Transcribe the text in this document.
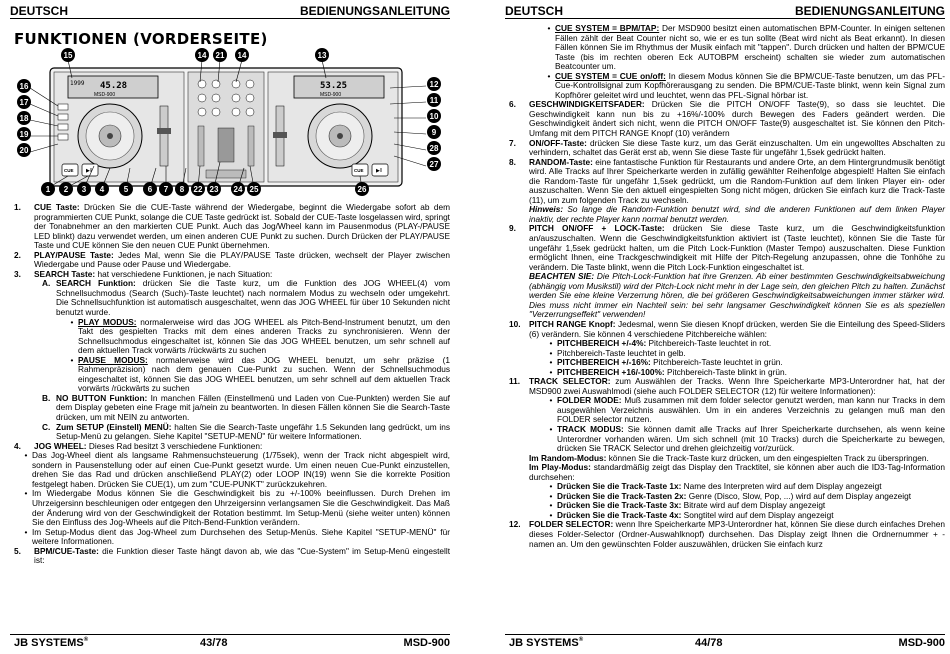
DEUTSCH	BEDIENUNGSANLEITUNG
FUNKTIONEN (VORDERSEITE)
1999 45.28
MSD-900
CUE ▶‖
53.25
MSD-900
CUE ▶‖
15	14 21 14	13
16
17
18
19
20
12
11
10
9
28
27
1 2 3 4 5 6 7 8 22 23 24 25	26
1.	CUE Taste: Drücken Sie die CUE-Taste während der Wiedergabe, beginnt die Wiedergabe sofort ab dem programmierten CUE Punkt, solange die CUE Taste gedrückt ist. Sobald der CUE-Taste losgelassen wird, springt der Tonabnehmer an den markierten CUE Punkt. Auch das Jog/Wheel kann im Pausenmodus (PLAY-/PAUSE LED blinkt) dazu verwendet werden, um einen anderen CUE Punkt zu suchen. Durch Drücken der PLAY/PAUSE Taste und CUE können Sie den neuen CUE Punkt übernehmen.
2.	PLAY/PAUSE Taste: Jedes Mal, wenn Sie die PLAY/PAUSE Taste drücken, wechselt der Player zwischen Wiedergabe und Pause oder Pause und Wiedergabe.
3.	SEARCH Taste: hat verschiedene Funktionen, je nach Situation:
A. SEARCH Funktion: drücken Sie die Taste kurz, um die Funktion des JOG WHEEL(4) vom Schnellsuchmodus (Search (Such)-Taste leuchtet) nach normalem Modus zu wechseln oder umgekehrt. Die Schnellsuchfunktion ist automatisch ausgeschaltet, wenn das JOG WHEEL für über 10 Sekunden nicht benutzt wurde.
• PLAY MODUS: normalerweise wird das JOG WHEEL als Pitch-Bend-Instrument benutzt, um den Takt des gespielten Tracks mit dem eines anderen Tracks zu synchronisieren. Wenn der Schnellsuchmodus eingeschaltet ist, können Sie das JOG WHEEL benutzen, um sehr schnell auf dem aktuellen Track vorwärts /rückwärts zu suchen
• PAUSE MODUS: normalerweise wird das JOG WHEEL benutzt, um sehr präzise (1 Rahmenpräzision) nach dem genauen Cue-Punkt zu suchen. Wenn der Schnellsuchmodus eingeschaltet ist, können Sie das JOG WHEEL benutzen, um sehr schnell auf dem aktuellen Track vorwärts /rückwärts zu suchen
B. NO BUTTON Funktion: In manchen Fällen (Einstellmenü und Laden von Cue-Punkten) werden Sie auf dem Display gebeten eine Frage mit ja/nein zu beantworten. In diesen Fällen können Sie die Search-Taste drücken, um mit NEIN zu antworten.
C. Zum SETUP (Einstell) MENÜ: halten Sie die Search-Taste ungefähr 1.5 Sekunden lang gedrückt, um ins Setup-Menü zu gelangen. Siehe Kapitel "SETUP-MENÜ" für weitere Informationen.
4.	JOG WHEEL: Dieses Rad besitzt 3 verschiedene Funktionen:
• Das Jog-Wheel dient als langsame Rahmensuchsteuerung (1/75sek), wenn der Track nicht abgespielt wird, sondern in Pausenstellung oder auf einen Cue-Punkt gesetzt wurde. Um einen neuen Cue-Punkt einzustellen, drehen Sie das Rad und drücken anschließend PLAY(2) oder LOOP IN(19) wenn Sie die korrekte Position festgelegt haben. Drücken Sie CUE(1), um zum "CUE-PUNKT" zurückzukehren.
• Im Wiedergabe Modus können Sie die Geschwindigkeit bis zu +/-100% beeinflussen. Durch Drehen im Uhrzeigersinn beschleunigen oder entgegen den Uhrzeigersinn verlangsamen Sie die Geschwindigkeit. Das Maß der Änderung wird von der Geschwindigkeit der Rotation bestimmt. Im Setup-Menü (siehe weiter unten) können Sie den Einfluss des Jog-Wheels auf die Pitch-Bend-Funktion verändern.
• Im Setup-Modus dient das Jog-Wheel zum Durchsehen des Setup-Menüs. Siehe Kapitel "SETUP-MENÜ" für weitere Informationen.
5.	BPM/CUE-Taste: die Funktion dieser Taste hängt davon ab, wie das "Cue-System" im Setup-Menü eingestellt ist:
JB SYSTEMS®	43/78	MSD-900
DEUTSCH	BEDIENUNGSANLEITUNG
• CUE SYSTEM = BPM/TAP: Der MSD900 besitzt einen automatischen BPM-Counter. In einigen seltenen Fällen zählt der Beat Counter nicht so, wie er es tun sollte (Beat wird nicht als Beat erkannt). In diesen Fällen können Sie im Rhythmus der Musik einfach mit "tappen". Durch drücken und halten der BPM/CUE Taste (bis im rechten oberen Eck AUTOBPM erscheint) schalten sie wieder zum automatischen Beatcounter um.
• CUE SYSTEM = CUE on/off: In diesem Modus können Sie die BPM/CUE-Taste benutzen, um das PFL-Cue-Kontrollsignal zum Kopfhörerausgang zu senden. Die BPM/CUE-Taste blinkt, wenn kein Signal zum Kopfhörer geleitet wird und leuchtet, wenn das PFL-Signal hörbar ist.
6.	GESCHWINDIGKEITSFADER: Drücken Sie die PITCH ON/OFF Taste(9), so dass sie leuchtet. Die Geschwindigkeit kann nun bis zu +16%/-100% durch Bewegen des Faders geändert werden. Die Geschwindigkeit ändert sich nicht, wenn die PITCH ON/OFF Taste(9) ausgeschaltet ist. Sie können den Pitch-Umfang mit dem PITCH RANGE Knopf (10) verändern
7.	ON/OFF-Taste: drücken Sie diese Taste kurz, um das Gerät einzuschalten. Um ein ungewolltes Abschalten zu verhindern, schaltet das Gerät erst ab, wenn Sie diese Taste für ungefähr 1,5sek gedrückt halten.
8.	RANDOM-Taste: eine fantastische Funktion für Restaurants und andere Orte, an dem Hintergrundmusik benötigt wird. Alle Tracks auf Ihrer Speicherkarte werden in zufällig gewählter Reihenfolge abgespielt! Halten Sie einfach die Random-Taste für ungefähr 1,5sek gedrückt, um die Random-Funktion auf dem linken Player ein- oder auszuschalten. Wenn Sie den aktuell eingespielten Song nicht mögen, drücken Sie einfach kurz die Track-Taste (11), um zum folgenden Track zu wechseln.
Hinweis: So lange die Random-Funktion benutzt wird, sind die anderen Funktionen auf dem linken Player inaktiv, der rechte Player kann normal benutzt werden.
9.	PITCH ON/OFF + LOCK-Taste: drücken Sie diese Taste kurz, um die Geschwindigkeitsfunktion an/auszuschalten. Wenn die Geschwindigkeitsfunktion aktiviert ist (Taste leuchtet), können Sie die Taste für ungefähr 1,5sek gedrückt halten, um die Pitch Lock-Funktion (Master Tempo) auszuschalten. Diese Funktion ermöglicht Ihnen, eine Trackgeschwindigkeit mit Hilfe der Pitch-Regelung anzupassen, ohne die Tonhöhe zu verändern. Die Taste blinkt, wenn die Pitch Lock-Funktion eingeschaltet ist.
BEACHTEN SIE: Die Pitch-Lock-Funktion hat ihre Grenzen. Ab einer bestimmten Geschwindigkeitsabweichung (abhängig vom Musikstil) wird der Pitch-Lock nicht mehr in der Lage sein, den gleichen Pitch zu halten. Zunächst werden Sie eine kleine Verzerrung hören, die bei größeren Geschwindigkeitsabweichungen immer stärker wird. Dies muss nicht immer ein Nachteil sein: bei sehr langsamer Geschwindigkeit können Sie es als speziellen "Verzerrungseffekt" verwenden!
10.	PITCH RANGE Knopf: Jedesmal, wenn Sie diesen Knopf drücken, werden Sie die Einteilung des Speed-Sliders (6) verändern. Sie können 4 verschiedene Pitchbereiche wählen:
• PITCHBEREICH +/-4%: Pitchbereich-Taste leuchtet in rot.
• Pitchbereich-Taste leuchtet in gelb.
• PITCHBEREICH +/-16%: Pitchbereich-Taste leuchtet in grün.
• PITCHBEREICH +16/-100%: Pitchbereich-Taste blinkt in grün.
11.	TRACK SELECTOR: zum Auswählen der Tracks. Wenn Ihre Speicherkarte MP3-Unterordner hat, hat der MSD900 zwei Auswahlmodi (siehe auch FOLDER SELECTOR (12) für weitere Informationen):
• FOLDER MODE: Muß zusammen mit dem folder selector genutzt werden, man kann nur Tracks in dem ausgewählen Verzeichnis auswählen. Um in ein anderes Verzeichnis zu gelangen muß man den FOLDER selector nutzen.
• TRACK MODUS: Sie können damit alle Tracks auf Ihrer Speicherkarte durchsehen, als wenn keine Unterordner vorhanden wären. Um sich schnell (mit 10 Tracks) durch die Speicherkarte zu bewegen, drücken Sie TRACK Selector und drehen gleichzeitig vor/zurück.
Im Random-Modus: können Sie die Track-Taste kurz drücken, um den eingespielten Track zu überspringen.
Im Play-Modus: standardmäßig zeigt das Display den Tracktitel, sie können aber auch die ID3-Tag-Information durchsehen:
• Drücken Sie die Track-Taste 1x: Name des Interpreten wird auf dem Display angezeigt
• Drücken Sie die Track-Tasten 2x: Genre (Disco, Slow, Pop, ...) wird auf dem Display angezeigt
• Drücken Sie die Track-Taste 3x: Bitrate wird auf dem Display angezeigt
• Drücken Sie die Track-Taste 4x: Songtitel wird auf dem Display angezeigt
12.	FOLDER SELECTOR: wenn Ihre Speicherkarte MP3-Unterordner hat, können Sie diese durch einfaches Drehen dieses Folder-Selector (Ordner-Auswahlknopf) durchsehen. Das Display zeigt Ihnen die Ordnernummer + -namen an. Um den gewünschten Folder auszuwählen, drücken Sie einfach kurz
JB SYSTEMS®	44/78	MSD-900
